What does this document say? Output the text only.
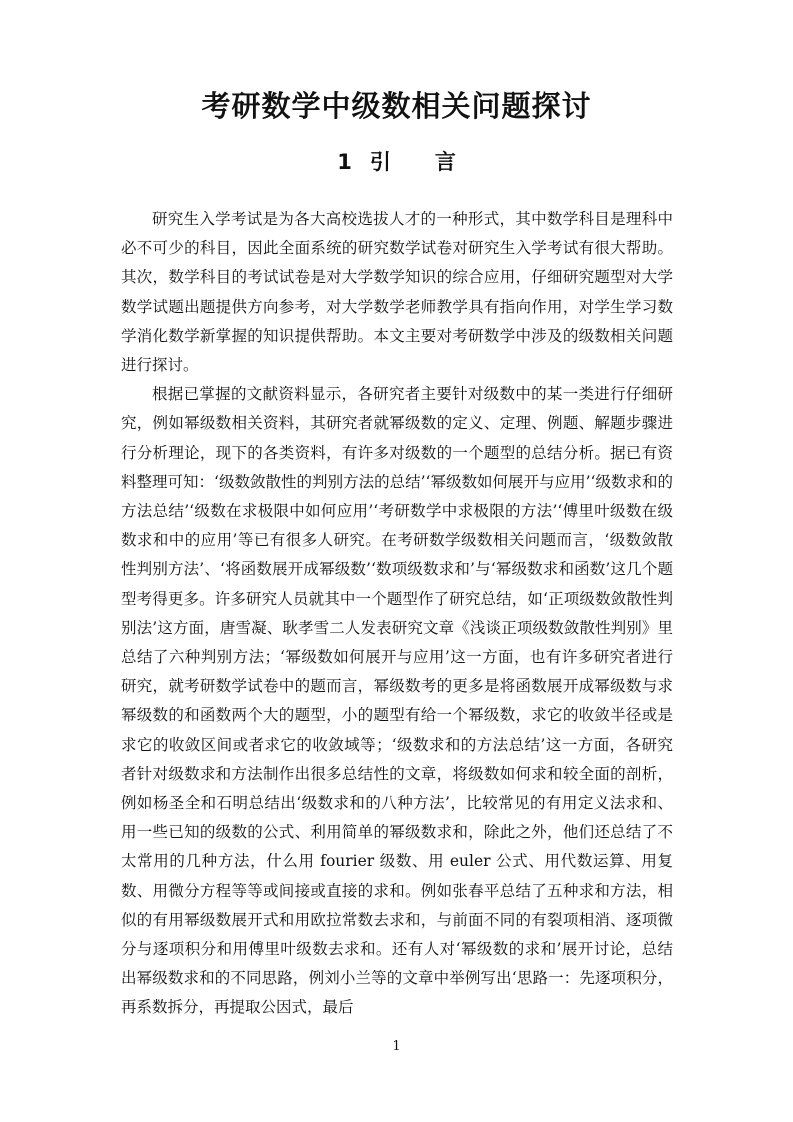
考研数学中级数相关问题探讨
1 引 言

研究生入学考试是为各大高校选拔人才的一种形式，其中数学科目是理科中必不可少的科目，因此全面系统的研究数学试卷对研究生入学考试有很大帮助。其次，数学科目的考试试卷是对大学数学知识的综合应用，仔细研究题型对大学数学试题出题提供方向参考，对大学数学老师教学具有指向作用，对学生学习数学消化数学新掌握的知识提供帮助。本文主要对考研数学中涉及的级数相关问题进行探讨。

根据已掌握的文献资料显示，各研究者主要针对级数中的某一类进行仔细研究，例如幂级数相关资料，其研究者就幂级数的定义、定理、例题、解题步骤进行分析理论，现下的各类资料，有许多对级数的一个题型的总结分析。据已有资料整理可知：‘级数敛散性的判别方法的总结’‘幂级数如何展开与应用’‘级数求和的方法总结’‘级数在求极限中如何应用’‘考研数学中求极限的方法’‘傅里叶级数在级数求和中的应用’等已有很多人研究。在考研数学级数相关问题而言，‘级数敛散性判别方法’、‘将函数展开成幂级数’‘数项级数求和’与‘幂级数求和函数’这几个题型考得更多。许多研究人员就其中一个题型作了研究总结，如‘正项级数敛散性判别法’这方面，唐雪凝、耿孝雪二人发表研究文章《浅谈正项级数敛散性判别》里总结了六种判别方法；‘幂级数如何展开与应用’这一方面，也有许多研究者进行研究，就考研数学试卷中的题而言，幂级数考的更多是将函数展开成幂级数与求幂级数的和函数两个大的题型，小的题型有给一个幂级数，求它的收敛半径或是求它的收敛区间或者求它的收敛域等；‘级数求和的方法总结’这一方面，各研究者针对级数求和方法制作出很多总结性的文章，将级数如何求和较全面的剖析，例如杨圣全和石明总结出‘级数求和的八种方法’，比较常见的有用定义法求和、用一些已知的级数的公式、利用简单的幂级数求和，除此之外，他们还总结了不太常用的几种方法，什么用 fourier 级数、用 euler 公式、用代数运算、用复数、用微分方程等等或间接或直接的求和。例如张春平总结了五种求和方法，相似的有用幂级数展开式和用欧拉常数去求和，与前面不同的有裂项相消、逐项微分与逐项积分和用傅里叶级数去求和。还有人对‘幂级数的求和’展开讨论，总结出幂级数求和的不同思路，例刘小兰等的文章中举例写出‘思路一：先逐项积分，再系数拆分，再提取公因式，最后

1
